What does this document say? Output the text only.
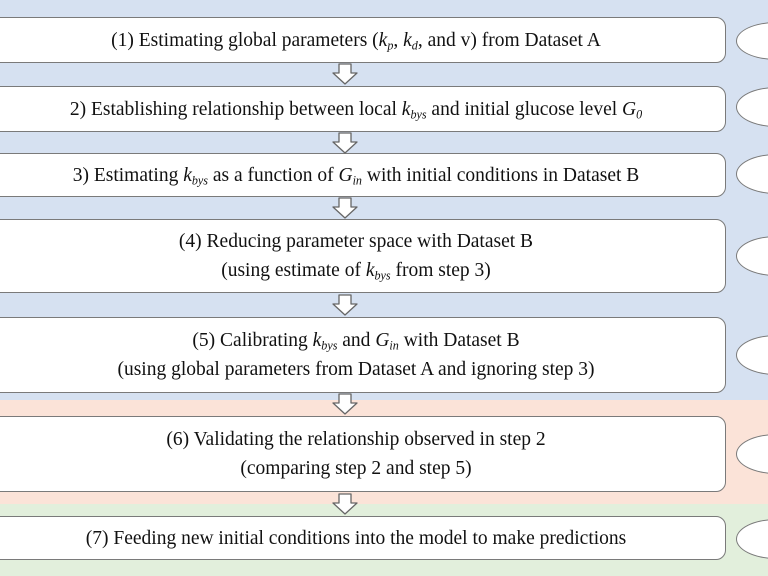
(1) Estimating global parameters ($k_p$, $k_d$, and v) from Dataset A
2) Establishing relationship between local $k_{bys}$ and initial glucose level $G_0$
3) Estimating $k_{bys}$ as a function of $G_{in}$ with initial conditions in Dataset B
(4) Reducing parameter space with Dataset B
(using estimate of $k_{bys}$ from step 3)
(5) Calibrating $k_{bys}$ and $G_{in}$ with Dataset B
(using global parameters from Dataset A and ignoring step 3)
(6) Validating the relationship observed in step 2
(comparing step 2 and step 5)
(7) Feeding new initial conditions into the model to make predictions
